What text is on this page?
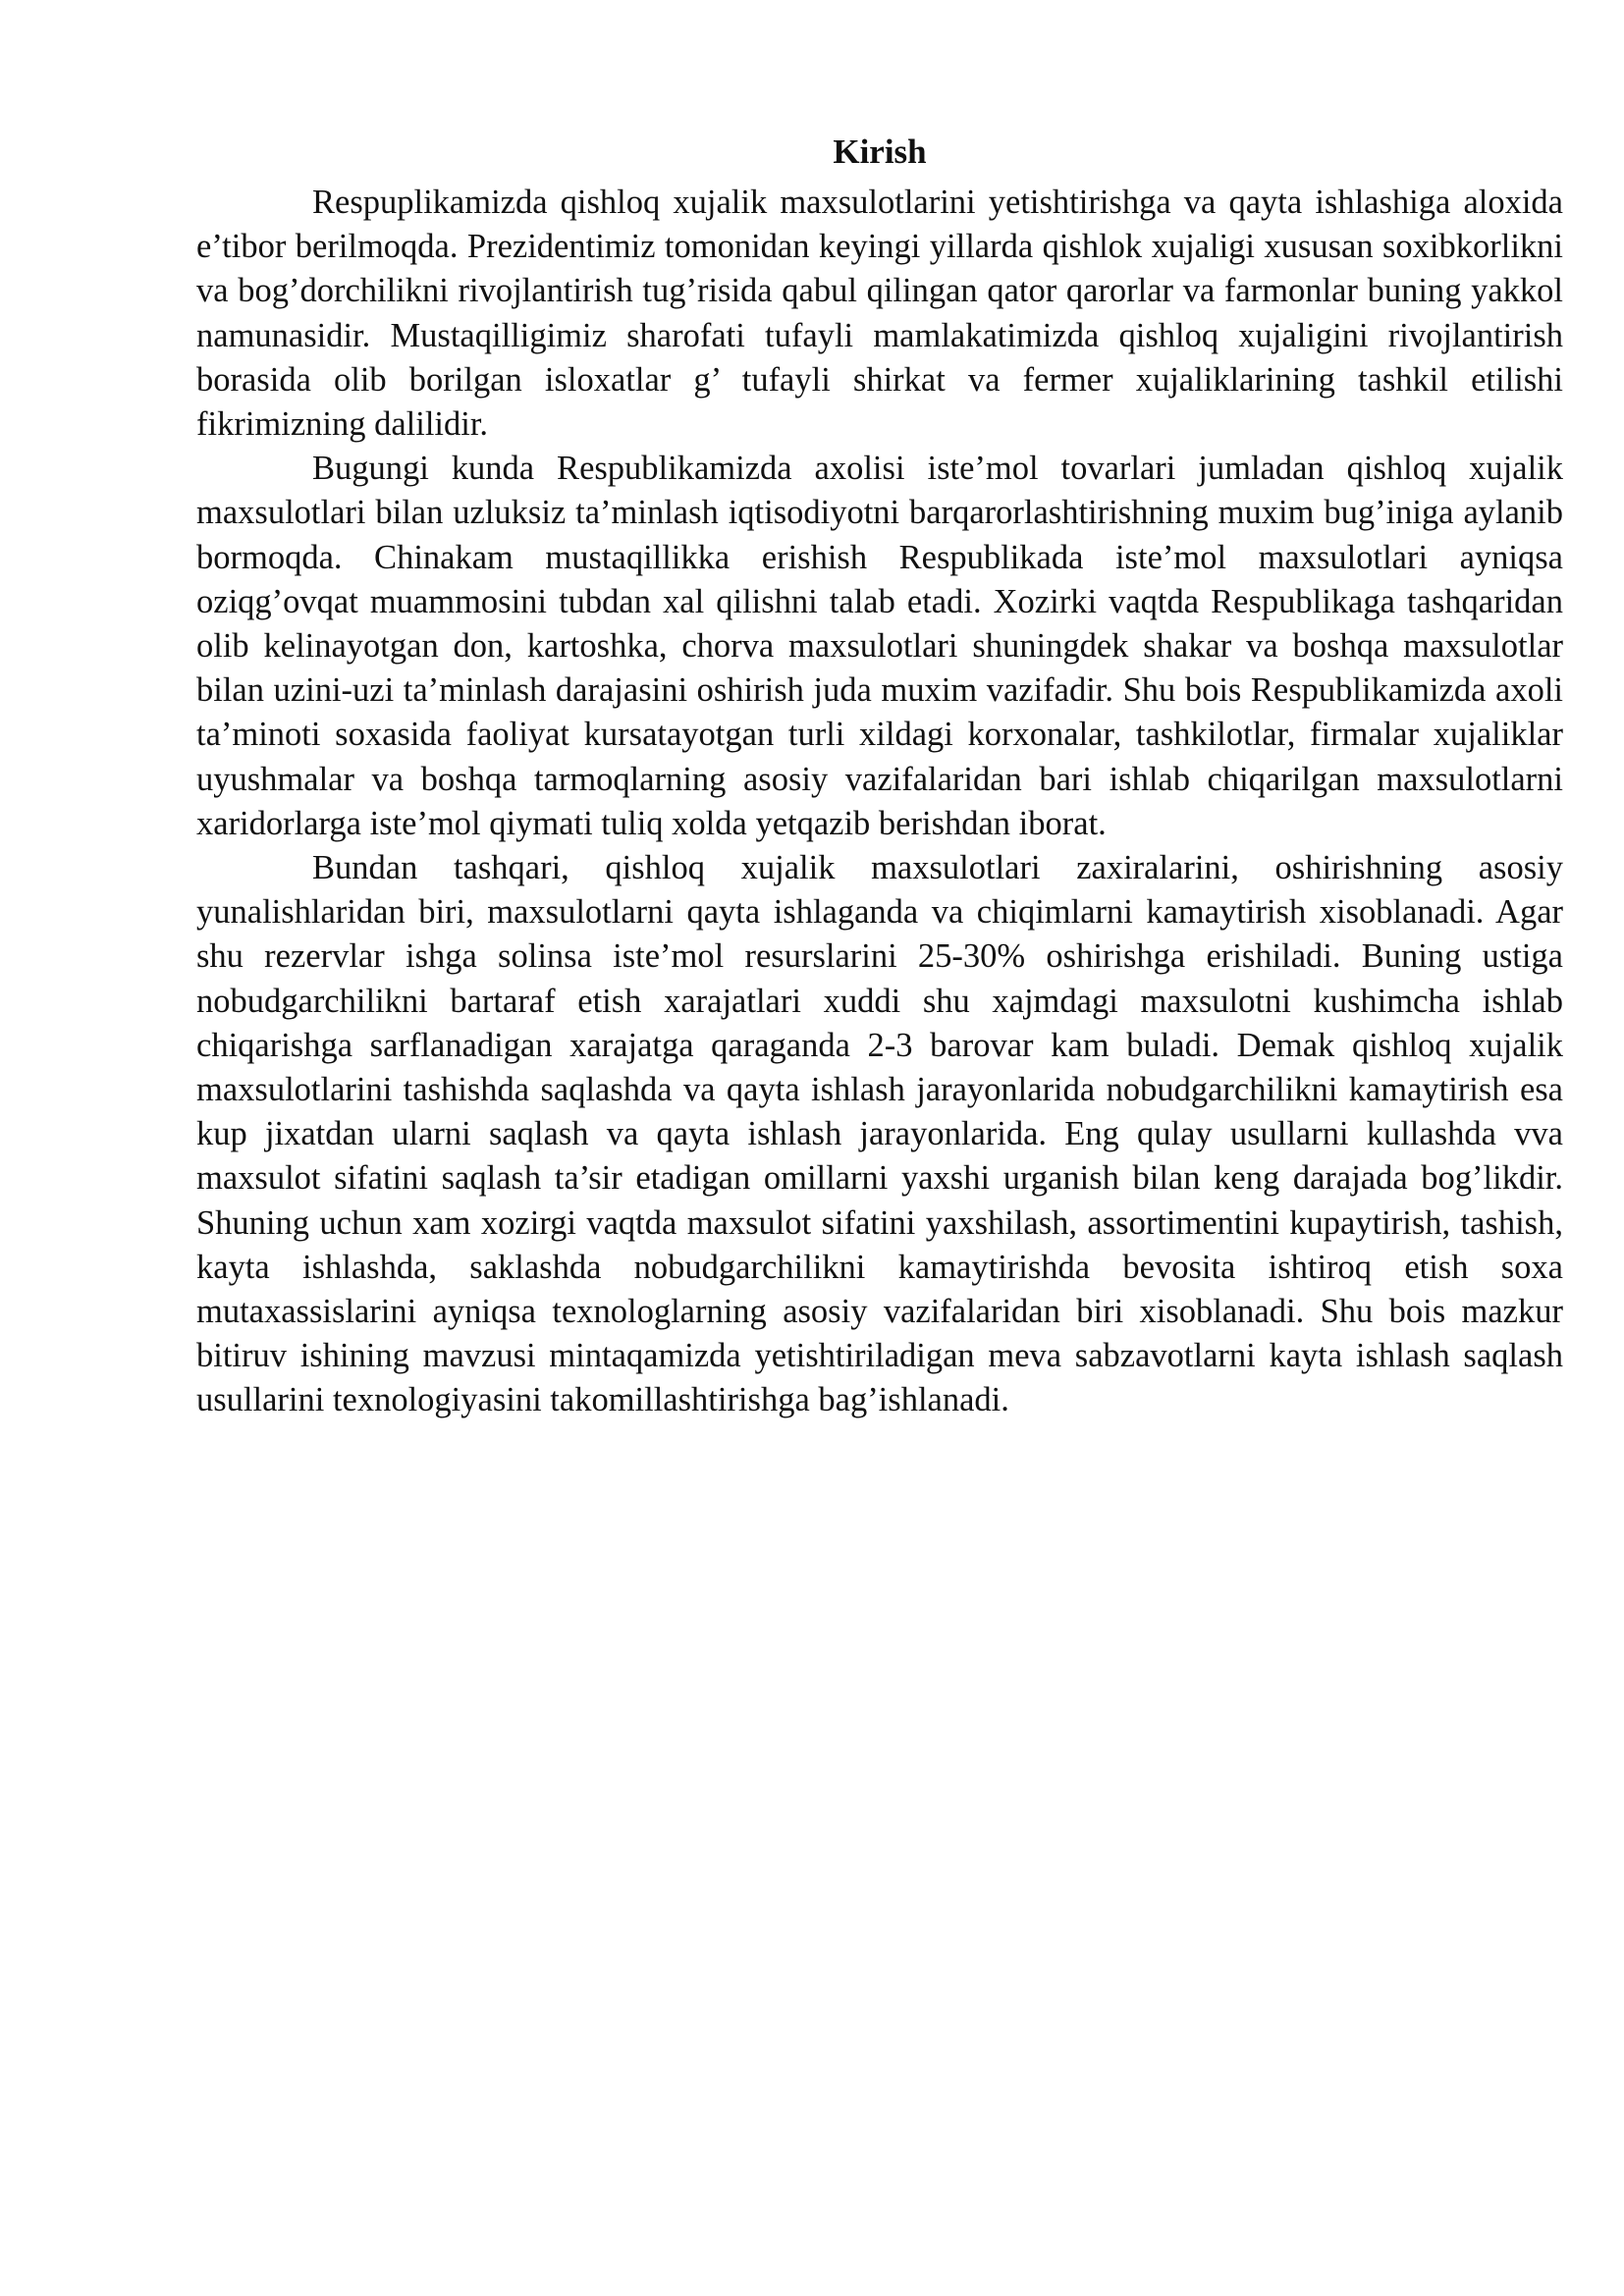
Kirish

Respuplikamizda qishloq xujalik maxsulotlarini yetishtirishga va qayta ishlashiga aloxida e’tibor berilmoqda. Prezidentimiz tomonidan keyingi yillarda qishlok xujaligi xususan soxibkorlikni va bog’dorchilikni rivojlantirish tug’risida qabul qilingan qator qarorlar va farmonlar buning yakkol namunasidir. Mustaqilligimiz sharofati tufayli mamlakatimizda qishloq xujaligini rivojlantirish borasida olib borilgan isloxatlar g’ tufayli shirkat va fermer xujaliklarining tashkil etilishi fikrimizning dalilidir.

Bugungi kunda Respublikamizda axolisi iste’mol tovarlari jumladan qishloq xujalik maxsulotlari bilan uzluksiz ta’minlash iqtisodiyotni barqarorlashtirishning muxim bug’iniga aylanib bormoqda. Chinakam mustaqillikka erishish Respublikada iste’mol maxsulotlari ayniqsa oziqg’ovqat muammosini tubdan xal qilishni talab etadi. Xozirki vaqtda Respublikaga tashqaridan olib kelinayotgan don, kartoshka, chorva maxsulotlari shuningdek shakar va boshqa maxsulotlar bilan uzini-uzi ta’minlash darajasini oshirish juda muxim vazifadir. Shu bois Respublikamizda axoli ta’minoti soxasida faoliyat kursatayotgan turli xildagi korxonalar, tashkilotlar, firmalar xujaliklar uyushmalar va boshqa tarmoqlarning asosiy vazifalaridan bari ishlab chiqarilgan maxsulotlarni xaridorlarga iste’mol qiymati tuliq xolda yetqazib berishdan iborat.

Bundan tashqari, qishloq xujalik maxsulotlari zaxiralarini, oshirishning asosiy yunalishlaridan biri, maxsulotlarni qayta ishlaganda va chiqimlarni kamaytirish xisoblanadi. Agar shu rezervlar ishga solinsa iste’mol resurslarini 25-30% oshirishga erishiladi. Buning ustiga nobudgarchilikni bartaraf etish xarajatlari xuddi shu xajmdagi maxsulotni kushimcha ishlab chiqarishga sarflanadigan xarajatga qaraganda 2-3 barovar kam buladi. Demak qishloq xujalik maxsulotlarini tashishda saqlashda va qayta ishlash jarayonlarida nobudgarchilikni kamaytirish esa kup jixatdan ularni saqlash va qayta ishlash jarayonlarida. Eng qulay usullarni kullashda vva maxsulot sifatini saqlash ta’sir etadigan omillarni yaxshi urganish bilan keng darajada bog’likdir. Shuning uchun xam xozirgi vaqtda maxsulot sifatini yaxshilash, assortimentini kupaytirish, tashish, kayta ishlashda, saklashda nobudgarchilikni kamaytirishda bevosita ishtiroq etish soxa mutaxassislarini ayniqsa texnologlarning asosiy vazifalaridan biri xisoblanadi. Shu bois mazkur bitiruv ishining mavzusi mintaqamizda yetishtiriladigan meva sabzavotlarni kayta ishlash saqlash usullarini texnologiyasini takomillashtirishga bag’ishlanadi.
